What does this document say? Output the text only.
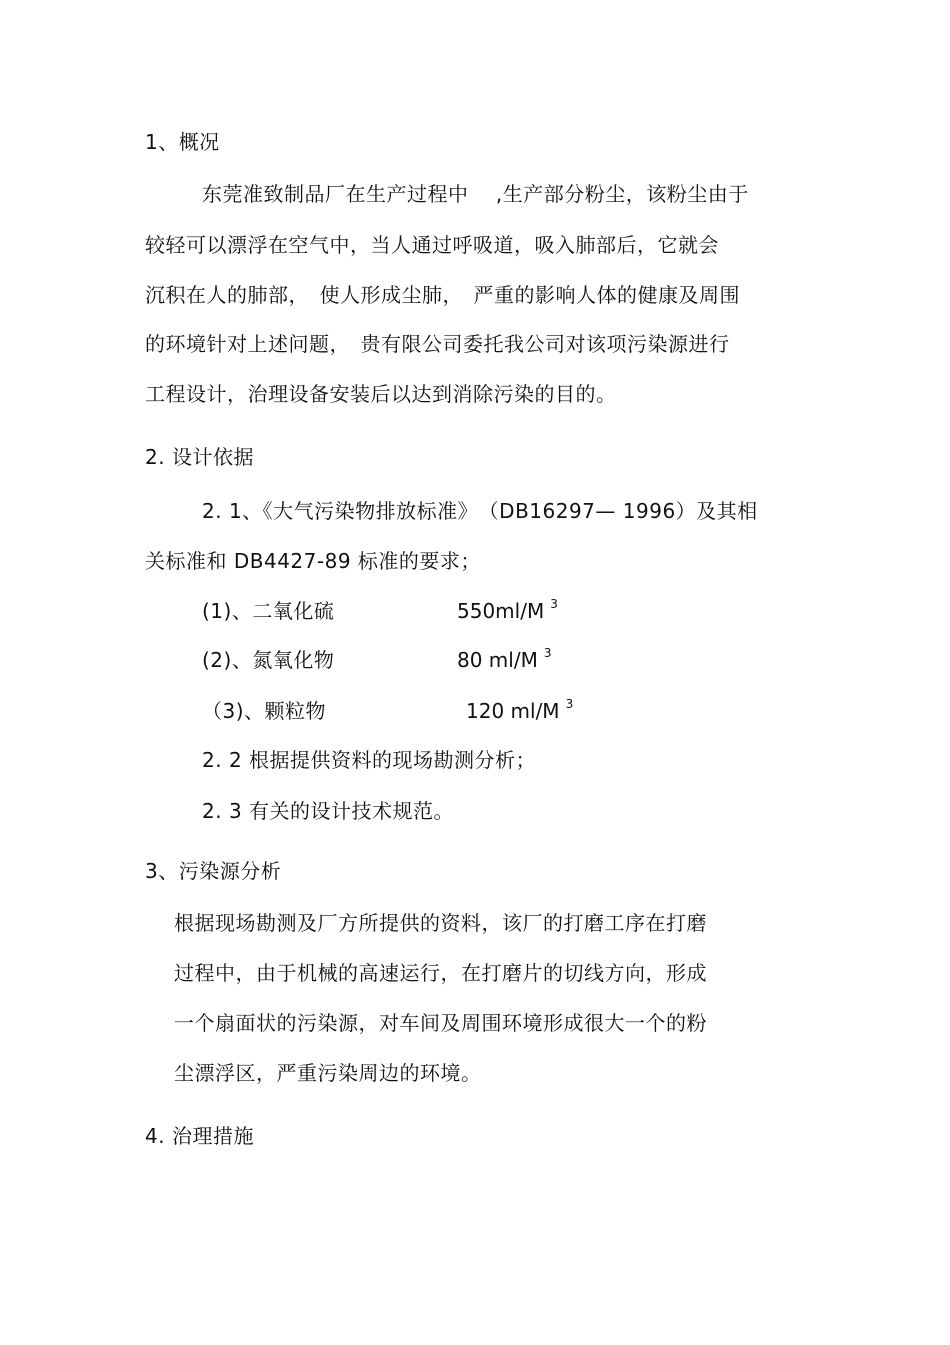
1、概况
东莞准致制品厂在生产过程中　 ,生产部分粉尘，该粉尘由于
较轻可以漂浮在空气中，当人通过呼吸道，吸入肺部后，它就会
沉积在人的肺部，　使人形成尘肺，　严重的影响人体的健康及周围
的环境针对上述问题，　贵有限公司委托我公司对该项污染源进行
工程设计，治理设备安装后以达到消除污染的目的。
2. 设计依据
2. 1、《大气污染物排放标准》　（DB16297— 1996）及其相
关标准和 DB4427-89 标准的要求；
(1)、二氧化硫	550ml/M $^3$
(2)、氮氧化物	80 ml/M $^3$
（3)、颗粒物	120 ml/M $^3$
2. 2 根据提供资料的现场勘测分析；
2. 3 有关的设计技术规范。
3、污染源分析
根据现场勘测及厂方所提供的资料，该厂的打磨工序在打磨
过程中，由于机械的高速运行，在打磨片的切线方向，形成
一个扇面状的污染源，对车间及周围环境形成很大一个的粉
尘漂浮区，严重污染周边的环境。
4. 治理措施
